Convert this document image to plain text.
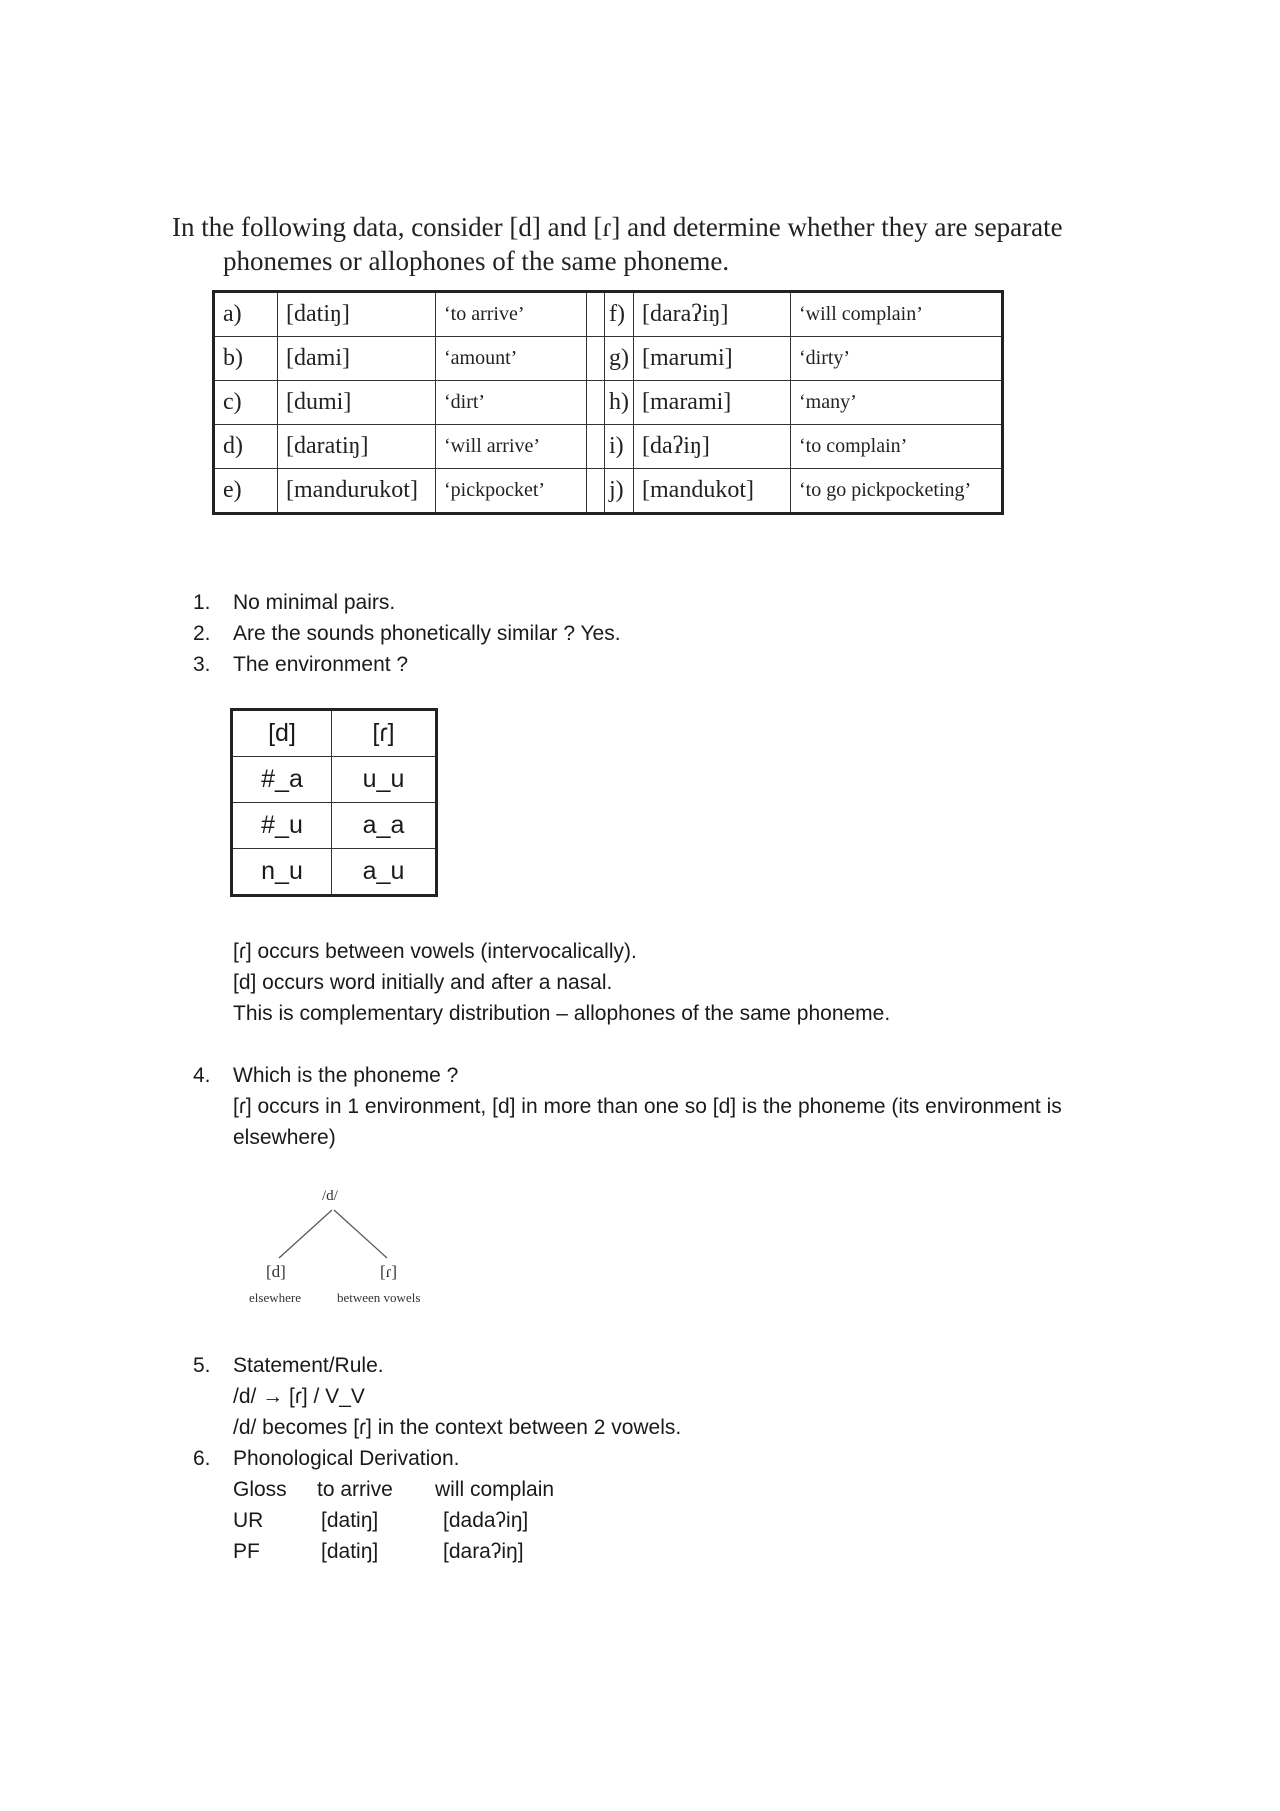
In the following data, consider [d] and [ɾ] and determine whether they are separate
phonemes or allophones of the same phoneme.
a)	[datiŋ]	‘to arrive’		f)	[daraʔiŋ]	‘will complain’
b)	[dami]	‘amount’		g)	[marumi]	‘dirty’
c)	[dumi]	‘dirt’		h)	[marami]	‘many’
d)	[daratiŋ]	‘will arrive’		i)	[daʔiŋ]	‘to complain’
e)	[mandurukot]	‘pickpocket’		j)	[mandukot]	‘to go pickpocketing’
1. No minimal pairs.
2. Are the sounds phonetically similar ? Yes.
3. The environment ?
[d]	[ɾ]
#_a	u_u
#_u	a_a
n_u	a_u
[ɾ] occurs between vowels (intervocalically).
[d] occurs word initially and after a nasal.
This is complementary distribution – allophones of the same phoneme.
4. Which is the phoneme ?
[ɾ] occurs in 1 environment, [d] in more than one so [d] is the phoneme (its environment is
elsewhere)
/d/
[d]	[ɾ]
elsewhere	between vowels
5. Statement/Rule.
/d/ → [ɾ] / V_V
/d/ becomes [ɾ] in the context between 2 vowels.
6. Phonological Derivation.
Gloss	to arrive	will complain
UR	[datiŋ]	[dadaʔiŋ]
PF	[datiŋ]	[daraʔiŋ]
